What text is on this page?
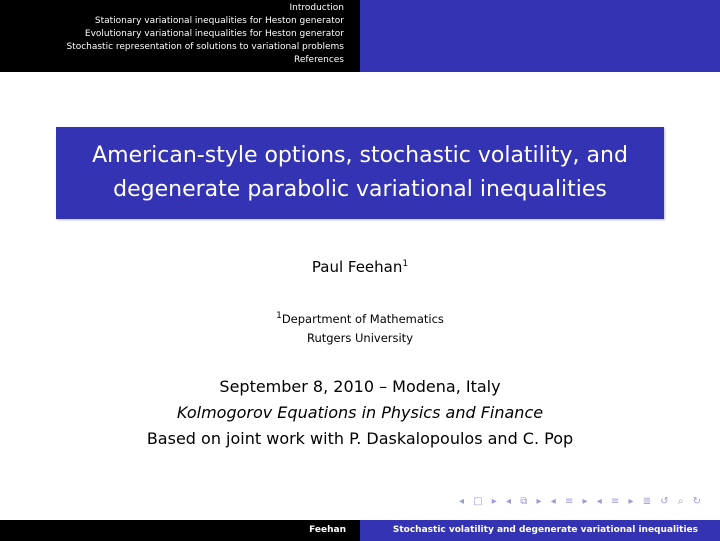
Introduction
Stationary variational inequalities for Heston generator
Evolutionary variational inequalities for Heston generator
Stochastic representation of solutions to variational problems
References
American-style options, stochastic volatility, and
degenerate parabolic variational inequalities
Paul Feehan$^1$
$^1$Department of Mathematics
Rutgers University
September 8, 2010 – Modena, Italy
Kolmogorov Equations in Physics and Finance
Based on joint work with P. Daskalopoulos and C. Pop
◂ □ ▸ ◂ ⧉ ▸ ◂ ≡ ▸ ◂ ≡ ▸ ≣ ↺ ⌕ ↻
Feehan	Stochastic volatility and degenerate variational inequalities
